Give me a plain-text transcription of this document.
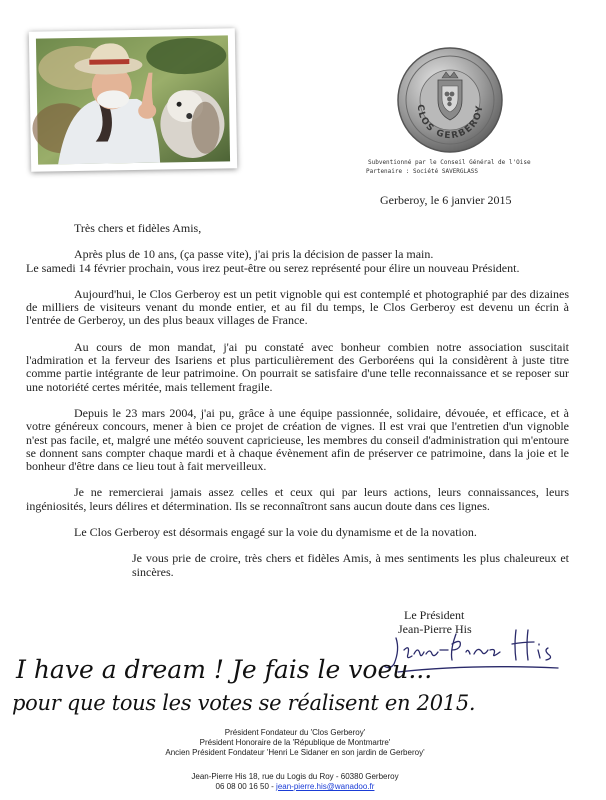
CLOS GERBEROY
Subventionné par le Conseil Général de l'Oise
Partenaire : Société SAVERGLASS
Gerberoy, le 6 janvier 2015
Très chers et fidèles Amis,

Après plus de 10 ans, (ça passe vite), j'ai pris la décision de passer la main.

Le samedi 14 février prochain, vous irez peut-être ou serez représenté pour élire un nouveau Président.

Aujourd'hui, le Clos Gerberoy est un petit vignoble qui est contemplé et photographié par des dizaines de milliers de visiteurs venant du monde entier, et au fil du temps, le Clos Gerberoy est devenu un écrin à l'entrée de Gerberoy, un des plus beaux villages de France.

Au cours de mon mandat, j'ai pu constaté avec bonheur combien notre association suscitait l'admiration et la ferveur des Isariens et plus particulièrement des Gerboréens qui la considèrent à juste titre comme partie intégrante de leur patrimoine. On pourrait se satisfaire d'une telle reconnaissance et se reposer sur une notoriété certes méritée, mais tellement fragile.

Depuis le 23 mars 2004, j'ai pu, grâce à une équipe passionnée, solidaire, dévouée, et efficace, et à votre généreux concours, mener à bien ce projet de création de vignes. Il est vrai que l'entretien d'un vignoble n'est pas facile, et, malgré une météo souvent capricieuse, les membres du conseil d'administration qui m'entoure se donnent sans compter chaque mardi et à chaque évènement afin de préserver ce patrimoine, dans la joie et le bonheur d'être dans ce lieu tout à fait merveilleux.

Je ne remercierai jamais assez celles et ceux qui par leurs actions, leurs connaissances, leurs ingéniosités, leurs délires et détermination. Ils se reconnaîtront sans aucun doute dans ces lignes.

Le Clos Gerberoy est désormais engagé sur la voie du dynamisme et de la novation.

Je vous prie de croire, très chers et fidèles Amis, à mes sentiments les plus chaleureux et sincères.

Le Président
Jean-Pierre His
I have a dream ! Je fais le voeu...
pour que tous les votes se réalisent en 2015.
Président Fondateur du 'Clos Gerberoy'
Président Honoraire de la 'République de Montmartre'
Ancien Président Fondateur 'Henri Le Sidaner en son jardin de Gerberoy'
Jean-Pierre His 18, rue du Logis du Roy - 60380 Gerberoy
06 08 00 16 50 - jean-pierre.his@wanadoo.fr
